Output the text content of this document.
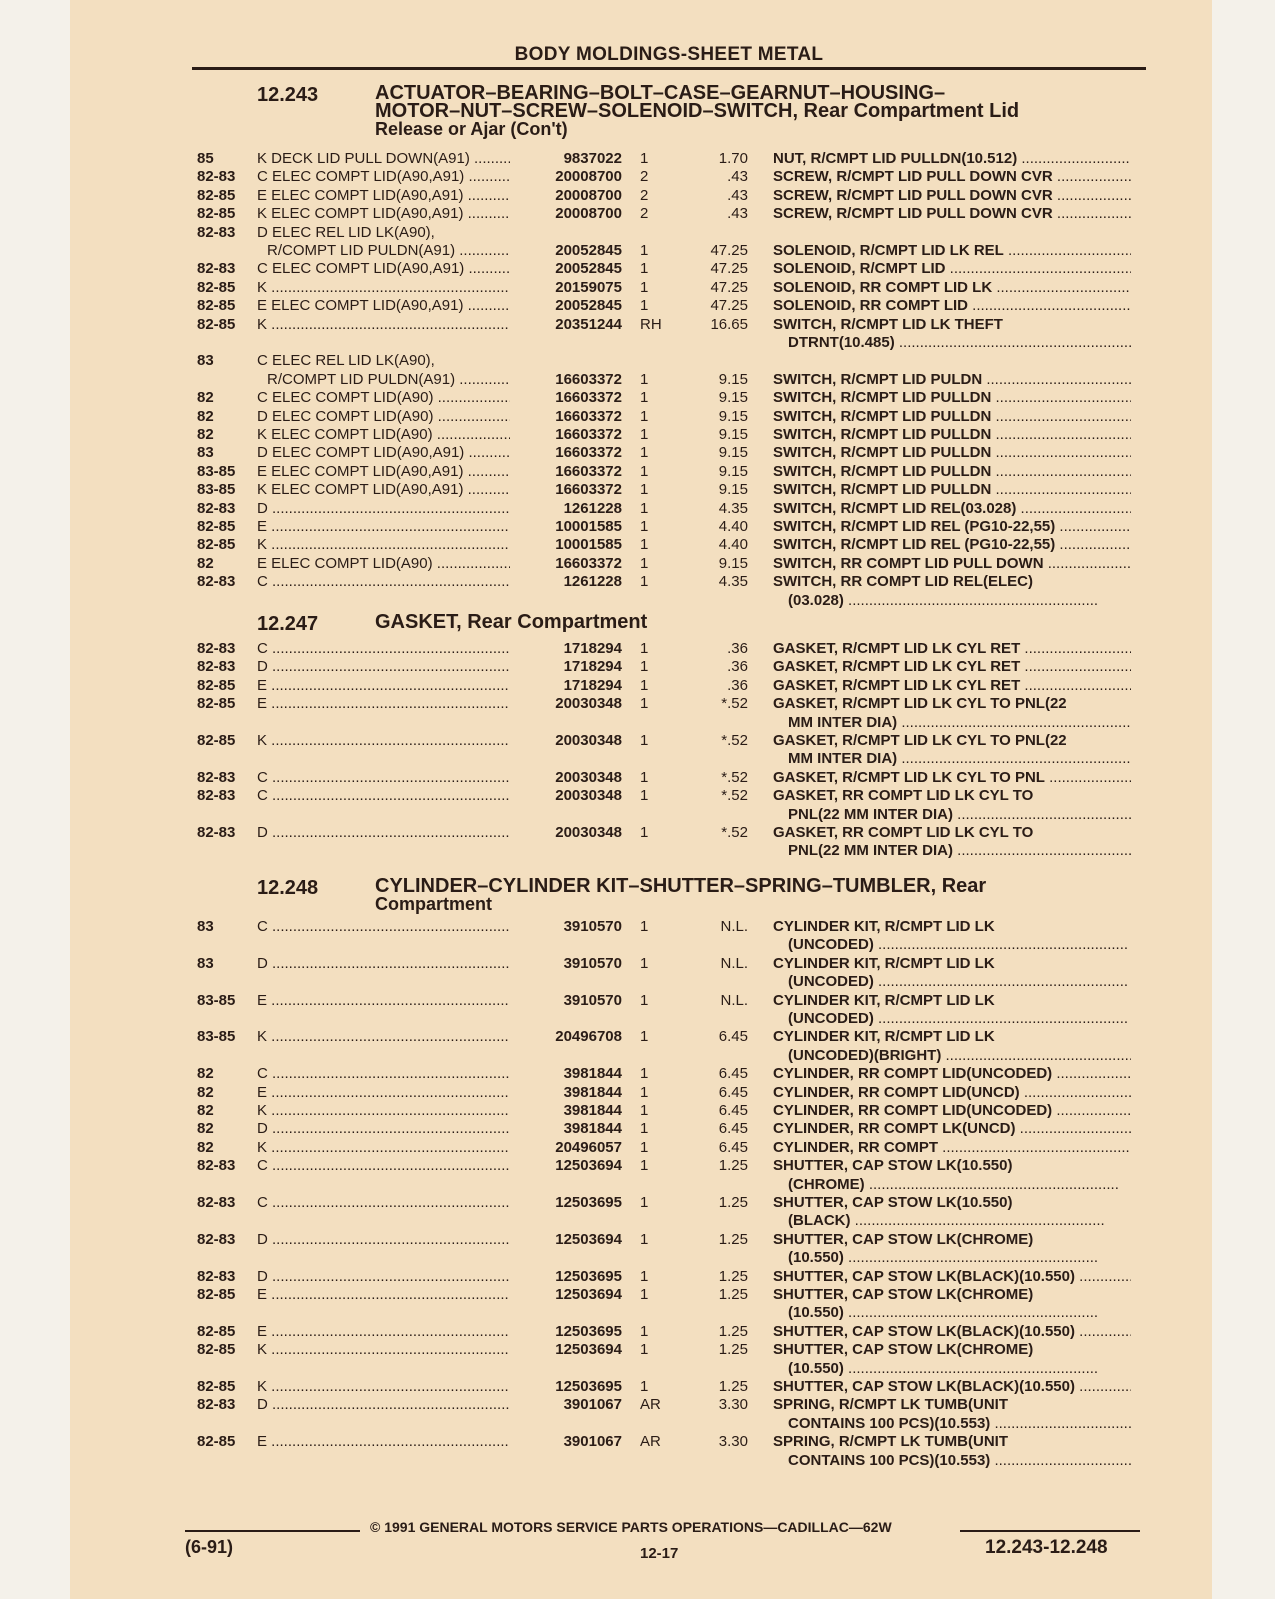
BODY MOLDINGS-SHEET METAL
12.243	ACTUATOR–BEARING–BOLT–CASE–GEARNUT–HOUSING–
MOTOR–NUT–SCREW–SOLENOID–SWITCH, Rear Compartment Lid
Release or Ajar (Con't)
12.247	GASKET, Rear Compartment
12.248	CYLINDER–CYLINDER KIT–SHUTTER–SPRING–TUMBLER, Rear
Compartment
85	K DECK LID PULL DOWN(A91) .....	9837022 1	1.70 NUT, R/CMPT LID PULLDN(10.512) .....
82-83 C ELEC COMPT LID(A90,A91) .....	20008700 2	.43 SCREW, R/CMPT LID PULL DOWN CVR .....
82-85 E ELEC COMPT LID(A90,A91) .....	20008700 2	.43 SCREW, R/CMPT LID PULL DOWN CVR .....
82-85 K ELEC COMPT LID(A90,A91) .....	20008700 2	.43 SCREW, R/CMPT LID PULL DOWN CVR .....
82-83 D ELEC REL LID LK(A90),
R/COMPT LID PULDN(A91) .....	20052845 1	47.25 SOLENOID, R/CMPT LID LK REL .....
82-83 C ELEC COMPT LID(A90,A91) .....	20052845 1	47.25 SOLENOID, R/CMPT LID .....
82-85 K .....	20159075 1	47.25 SOLENOID, RR COMPT LID LK .....
82-85 E ELEC COMPT LID(A90,A91) .....	20052845 1	47.25 SOLENOID, RR COMPT LID .....
82-85 K .....	20351244 RH	16.65 SWITCH, R/CMPT LID LK THEFT
DTRNT(10.485) .....
83	C ELEC REL LID LK(A90),
R/COMPT LID PULDN(A91) .....	16603372 1	9.15 SWITCH, R/CMPT LID PULDN .....
82	C ELEC COMPT LID(A90) .....	16603372 1	9.15 SWITCH, R/CMPT LID PULLDN .....
82	D ELEC COMPT LID(A90) .....	16603372 1	9.15 SWITCH, R/CMPT LID PULLDN .....
82	K ELEC COMPT LID(A90) .....	16603372 1	9.15 SWITCH, R/CMPT LID PULLDN .....
83	D ELEC COMPT LID(A90,A91) .....	16603372 1	9.15 SWITCH, R/CMPT LID PULLDN .....
83-85 E ELEC COMPT LID(A90,A91) .....	16603372 1	9.15 SWITCH, R/CMPT LID PULLDN .....
83-85 K ELEC COMPT LID(A90,A91) .....	16603372 1	9.15 SWITCH, R/CMPT LID PULLDN .....
82-83 D .....	1261228 1	4.35 SWITCH, R/CMPT LID REL(03.028) .....
82-85 E .....	10001585 1	4.40 SWITCH, R/CMPT LID REL (PG10-22,55) .....
82-85 K .....	10001585 1	4.40 SWITCH, R/CMPT LID REL (PG10-22,55) .....
82	E ELEC COMPT LID(A90) .....	16603372 1	9.15 SWITCH, RR COMPT LID PULL DOWN .....
82-83 C .....	1261228 1	4.35 SWITCH, RR COMPT LID REL(ELEC)
(03.028) .....
82-83 C .....	1718294 1	.36 GASKET, R/CMPT LID LK CYL RET .....
82-83 D .....	1718294 1	.36 GASKET, R/CMPT LID LK CYL RET .....
82-85 E .....	1718294 1	.36 GASKET, R/CMPT LID LK CYL RET .....
82-85 E .....	20030348 1	*.52 GASKET, R/CMPT LID LK CYL TO PNL(22
MM INTER DIA) .....
82-85 K .....	20030348 1	*.52 GASKET, R/CMPT LID LK CYL TO PNL(22
MM INTER DIA) .....
82-83 C .....	20030348 1	*.52 GASKET, R/CMPT LID LK CYL TO PNL .....
82-83 C .....	20030348 1	*.52 GASKET, RR COMPT LID LK CYL TO
PNL(22 MM INTER DIA) .....
82-83 D .....	20030348 1	*.52 GASKET, RR COMPT LID LK CYL TO
PNL(22 MM INTER DIA) .....
83	C .....	3910570 1	N.L. CYLINDER KIT, R/CMPT LID LK
(UNCODED) .....
83	D .....	3910570 1	N.L. CYLINDER KIT, R/CMPT LID LK
(UNCODED) .....
83-85 E .....	3910570 1	N.L. CYLINDER KIT, R/CMPT LID LK
(UNCODED) .....
83-85 K .....	20496708 1	6.45 CYLINDER KIT, R/CMPT LID LK
(UNCODED)(BRIGHT) .....
82	C .....	3981844 1	6.45 CYLINDER, RR COMPT LID(UNCODED) .....
82	E .....	3981844 1	6.45 CYLINDER, RR COMPT LID(UNCD) .....
82	K .....	3981844 1	6.45 CYLINDER, RR COMPT LID(UNCODED) .....
82	D .....	3981844 1	6.45 CYLINDER, RR COMPT LK(UNCD) .....
82	K .....	20496057 1	6.45 CYLINDER, RR COMPT .....
82-83 C .....	12503694 1	1.25 SHUTTER, CAP STOW LK(10.550)
(CHROME) .....
82-83 C .....	12503695 1	1.25 SHUTTER, CAP STOW LK(10.550)
(BLACK) .....
82-83 D .....	12503694 1	1.25 SHUTTER, CAP STOW LK(CHROME)
(10.550) .....
82-83 D .....	12503695 1	1.25 SHUTTER, CAP STOW LK(BLACK)(10.550) .....
82-85 E .....	12503694 1	1.25 SHUTTER, CAP STOW LK(CHROME)
(10.550) .....
82-85 E .....	12503695 1	1.25 SHUTTER, CAP STOW LK(BLACK)(10.550) .....
82-85 K .....	12503694 1	1.25 SHUTTER, CAP STOW LK(CHROME)
(10.550) .....
82-85 K .....	12503695 1	1.25 SHUTTER, CAP STOW LK(BLACK)(10.550) .....
82-83 D .....	3901067 AR	3.30 SPRING, R/CMPT LK TUMB(UNIT
CONTAINS 100 PCS)(10.553) .....
82-85 E .....	3901067 AR	3.30 SPRING, R/CMPT LK TUMB(UNIT
CONTAINS 100 PCS)(10.553) .....
© 1991 GENERAL MOTORS SERVICE PARTS OPERATIONS—CADILLAC—62W
(6-91)	12-17	12.243-12.248
